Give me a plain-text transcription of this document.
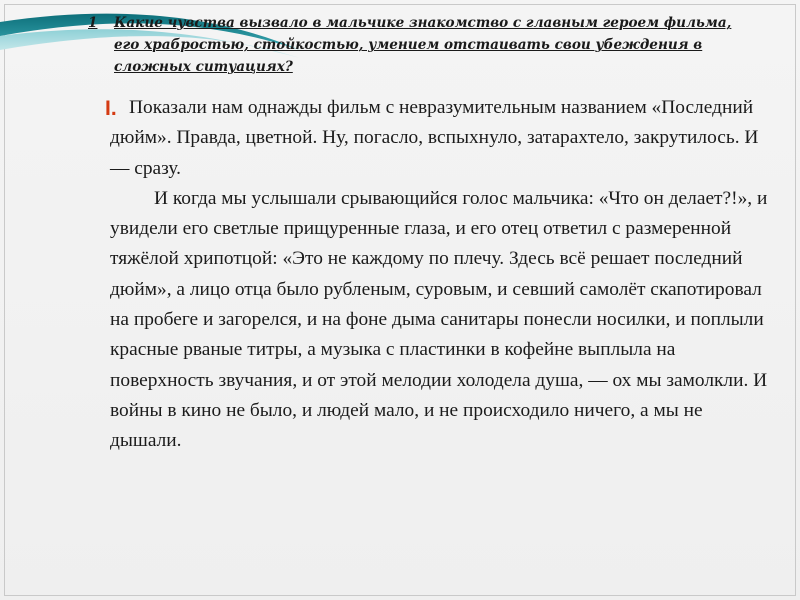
1	Какие чувства вызвало в мальчике знакомство с главным героем фильма, его храбростью, стойкостью, умением отстаивать свои убеждения в сложных ситуациях?

I. Показали нам однажды фильм с невразумительным названием «Последний дюйм». Правда, цветной. Ну, погасло, вспыхнуло, затарахтело, закрутилось. И — сразу.

И когда мы услышали срывающийся голос мальчика: «Что он делает?!», и увидели его светлые прищуренные глаза, и его отец ответил с размеренной тяжёлой хрипотцой: «Это не каждому по плечу. Здесь всё решает последний дюйм», а лицо отца было рубленым, суровым, и севший самолёт скапотировал на пробеге и загорелся, и на фоне дыма санитары понесли носилки, и поплыли красные рваные титры, а музыка с пластинки в кофейне выплыла на поверхность звучания, и от этой мелодии холодела душа, — ох мы замолкли. И войны в кино не было, и людей мало, и не происходило ничего, а мы не дышали.
